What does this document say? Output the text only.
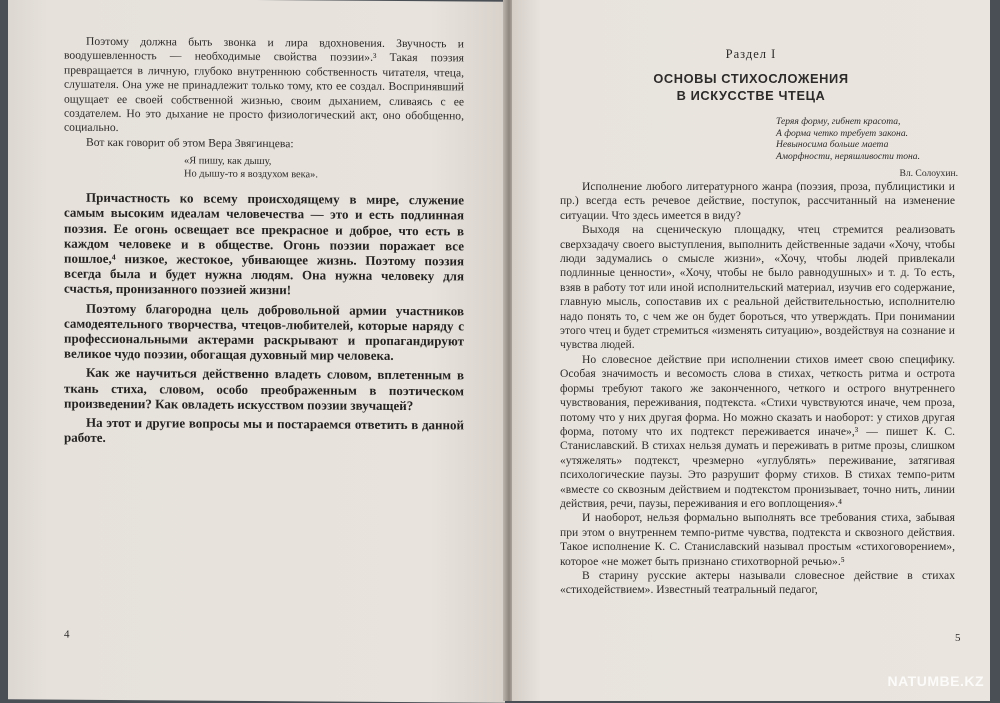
Поэтому должна быть звонка и лира вдохновения. Звучность и воодушевленность — необходимые свойства поэзии».³ Такая поэзия превращается в личную, глубоко внутреннюю собственность читателя, чтеца, слушателя. Она уже не принадлежит только тому, кто ее создал. Воспринявший ощущает ее своей собственной жизнью, своим дыханием, сливаясь с ее создателем. Но это дыхание не просто физиологический акт, оно обобщенно, социально.

Вот как говорит об этом Вера Звягинцева:

«Я пишу, как дышу,
Но дышу-то я воздухом века».

Причастность ко всему происходящему в мире, служение самым высоким идеалам человечества — это и есть подлинная поэзия. Ее огонь освещает все прекрасное и доброе, что есть в каждом человеке и в обществе. Огонь поэзии поражает все пошлое,⁴ низкое, жестокое, убивающее жизнь. Поэтому поэзия всегда была и будет нужна людям. Она нужна человеку для счастья, пронизанного поэзией жизни!

Поэтому благородна цель добровольной армии участников самодеятельного творчества, чтецов-любителей, которые наряду с профессиональными актерами раскрывают и пропагандируют великое чудо поэзии, обогащая духовный мир человека.

Как же научиться действенно владеть словом, вплетенным в ткань стиха, словом, особо преображенным в поэтическом произведении? Как овладеть искусством поэзии звучащей?

На этот и другие вопросы мы и постараемся ответить в данной работе.

4
Раздел I
ОСНОВЫ СТИХОСЛОЖЕНИЯ
В ИСКУССТВЕ ЧТЕЦА
Теряя форму, гибнет красота,
А форма четко требует закона.
Невыносима больше маета
Аморфности, неряшливости тона.
Вл. Солоухин.

Исполнение любого литературного жанра (поэзия, проза, публицистики и пр.) всегда есть речевое действие, поступок, рассчитанный на изменение ситуации. Что здесь имеется в виду?

Выходя на сценическую площадку, чтец стремится реализовать сверхзадачу своего выступления, выполнить действенные задачи «Хочу, чтобы люди задумались о смысле жизни», «Хочу, чтобы людей привлекали подлинные ценности», «Хочу, чтобы не было равнодушных» и т. д. То есть, взяв в работу тот или иной исполнительский материал, изучив его содержание, главную мысль, сопоставив их с реальной действительностью, исполнителю надо понять то, с чем же он будет бороться, что утверждать. При понимании этого чтец и будет стремиться «изменять ситуацию», воздействуя на сознание и чувства людей.

Но словесное действие при исполнении стихов имеет свою специфику. Особая значимость и весомость слова в стихах, четкость ритма и острота формы требуют такого же законченного, четкого и острого внутреннего чувствования, переживания, подтекста. «Стихи чувствуются иначе, чем проза, потому что у них другая форма. Но можно сказать и наоборот: у стихов другая форма, потому что их подтекст переживается иначе»,³ — пишет К. С. Станиславский. В стихах нельзя думать и переживать в ритме прозы, слишком «утяжелять» подтекст, чрезмерно «углублять» переживание, затягивая психологические паузы. Это разрушит форму стихов. В стихах темпо-ритм «вместе со сквозным действием и подтекстом пронизывает, точно нить, линии действия, речи, паузы, переживания и его воплощения».⁴

И наоборот, нельзя формально выполнять все требования стиха, забывая при этом о внутреннем темпо-ритме чувства, подтекста и сквозного действия. Такое исполнение К. С. Станиславский называл простым «стихоговорением», которое «не может быть признано стихотворной речью».⁵

В старину русские актеры называли словесное действие в стихах «стиходействием». Известный театральный педагог,

5
NATUMBE.KZ
